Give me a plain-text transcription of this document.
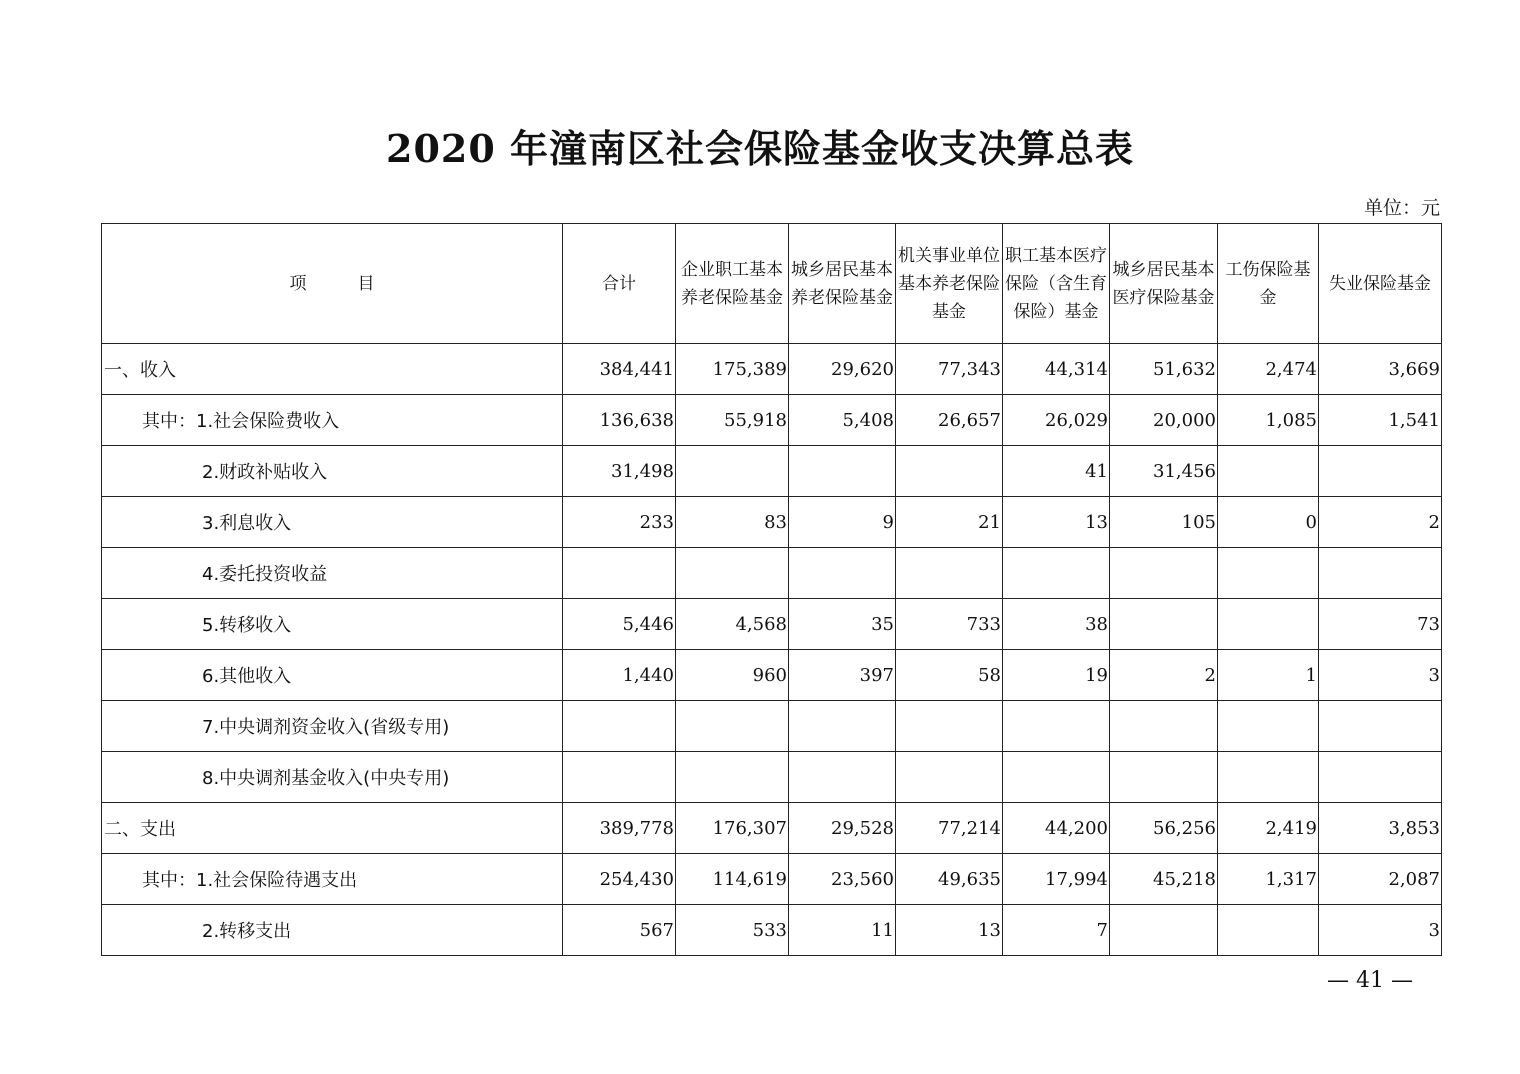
2020 年潼南区社会保险基金收支决算总表
单位：元
项　　　目	合计	企业职工基本养老保险基金	城乡居民基本养老保险基金	机关事业单位基本养老保险基金	职工基本医疗保险（含生育保险）基金	城乡居民基本医疗保险基金	工伤保险基金	失业保险基金
一、收入	384,441	175,389	29,620	77,343	44,314	51,632	2,474	3,669
其中：1.社会保险费收入	136,638	55,918	5,408	26,657	26,029	20,000	1,085	1,541
2.财政补贴收入	31,498				41	31,456		
3.利息收入	233	83	9	21	13	105	0	2
4.委托投资收益								
5.转移收入	5,446	4,568	35	733	38			73
6.其他收入	1,440	960	397	58	19	2	1	3
7.中央调剂资金收入(省级专用)								
8.中央调剂基金收入(中央专用)								
二、支出	389,778	176,307	29,528	77,214	44,200	56,256	2,419	3,853
其中：1.社会保险待遇支出	254,430	114,619	23,560	49,635	17,994	45,218	1,317	2,087
2.转移支出	567	533	11	13	7			3
— 41 —
